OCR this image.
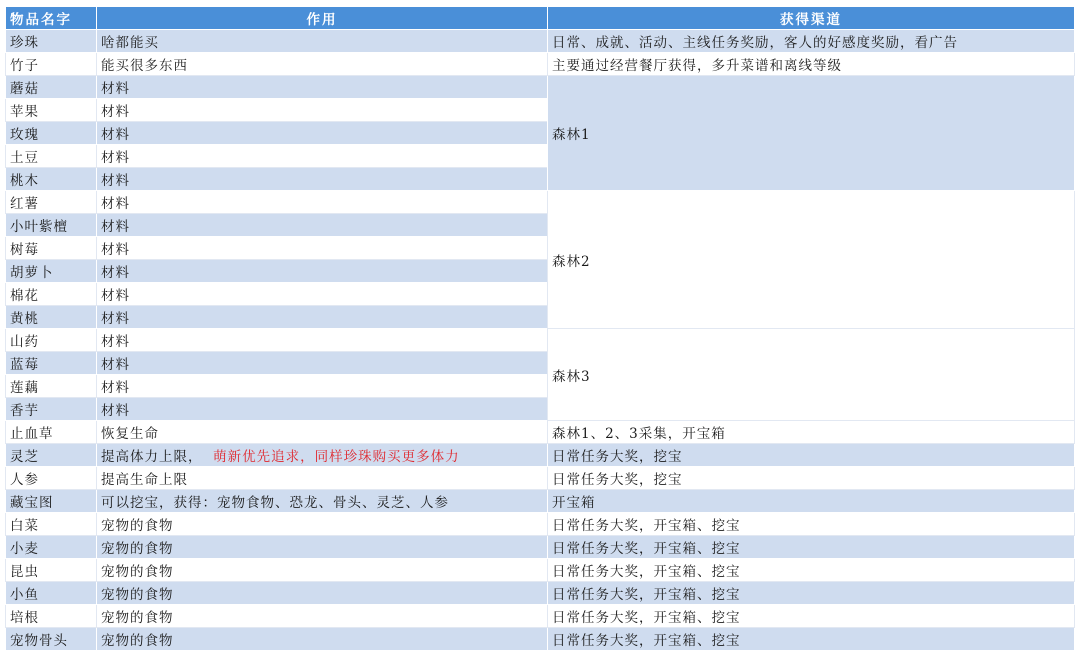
物品名字	作用	获得渠道
珍珠	啥都能买	日常、成就、活动、主线任务奖励，客人的好感度奖励，看广告
竹子	能买很多东西	主要通过经营餐厅获得，多升菜谱和离线等级
蘑菇	材料	森林1
苹果	材料	
玫瑰	材料	
土豆	材料	
桃木	材料	
红薯	材料	森林2
小叶紫檀	材料	
树莓	材料	
胡萝卜	材料	
棉花	材料	
黄桃	材料	
山药	材料	森林3
蓝莓	材料	
莲藕	材料	
香芋	材料	
止血草	恢复生命	森林1、2、3采集，开宝箱
灵芝	提高体力上限， 萌新优先追求，同样珍珠购买更多体力	日常任务大奖，挖宝
人参	提高生命上限	日常任务大奖，挖宝
藏宝图	可以挖宝，获得：宠物食物、恐龙、骨头、灵芝、人参	开宝箱
白菜	宠物的食物	日常任务大奖，开宝箱、挖宝
小麦	宠物的食物	日常任务大奖，开宝箱、挖宝
昆虫	宠物的食物	日常任务大奖，开宝箱、挖宝
小鱼	宠物的食物	日常任务大奖，开宝箱、挖宝
培根	宠物的食物	日常任务大奖，开宝箱、挖宝
宠物骨头	宠物的食物	日常任务大奖，开宝箱、挖宝
